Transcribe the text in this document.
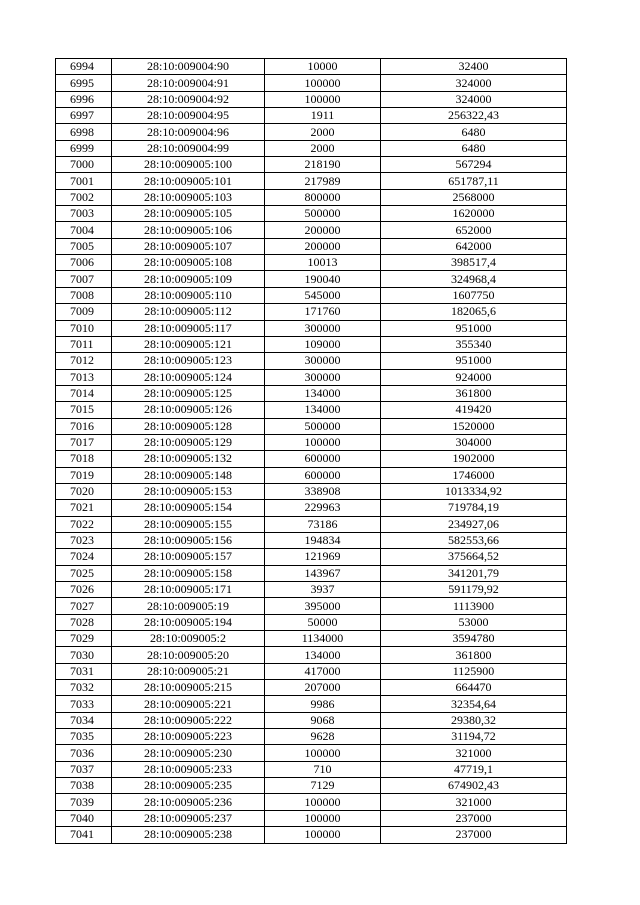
6994	28:10:009004:90	10000	32400
6995	28:10:009004:91	100000	324000
6996	28:10:009004:92	100000	324000
6997	28:10:009004:95	1911	256322,43
6998	28:10:009004:96	2000	6480
6999	28:10:009004:99	2000	6480
7000	28:10:009005:100	218190	567294
7001	28:10:009005:101	217989	651787,11
7002	28:10:009005:103	800000	2568000
7003	28:10:009005:105	500000	1620000
7004	28:10:009005:106	200000	652000
7005	28:10:009005:107	200000	642000
7006	28:10:009005:108	10013	398517,4
7007	28:10:009005:109	190040	324968,4
7008	28:10:009005:110	545000	1607750
7009	28:10:009005:112	171760	182065,6
7010	28:10:009005:117	300000	951000
7011	28:10:009005:121	109000	355340
7012	28:10:009005:123	300000	951000
7013	28:10:009005:124	300000	924000
7014	28:10:009005:125	134000	361800
7015	28:10:009005:126	134000	419420
7016	28:10:009005:128	500000	1520000
7017	28:10:009005:129	100000	304000
7018	28:10:009005:132	600000	1902000
7019	28:10:009005:148	600000	1746000
7020	28:10:009005:153	338908	1013334,92
7021	28:10:009005:154	229963	719784,19
7022	28:10:009005:155	73186	234927,06
7023	28:10:009005:156	194834	582553,66
7024	28:10:009005:157	121969	375664,52
7025	28:10:009005:158	143967	341201,79
7026	28:10:009005:171	3937	591179,92
7027	28:10:009005:19	395000	1113900
7028	28:10:009005:194	50000	53000
7029	28:10:009005:2	1134000	3594780
7030	28:10:009005:20	134000	361800
7031	28:10:009005:21	417000	1125900
7032	28:10:009005:215	207000	664470
7033	28:10:009005:221	9986	32354,64
7034	28:10:009005:222	9068	29380,32
7035	28:10:009005:223	9628	31194,72
7036	28:10:009005:230	100000	321000
7037	28:10:009005:233	710	47719,1
7038	28:10:009005:235	7129	674902,43
7039	28:10:009005:236	100000	321000
7040	28:10:009005:237	100000	237000
7041	28:10:009005:238	100000	237000
